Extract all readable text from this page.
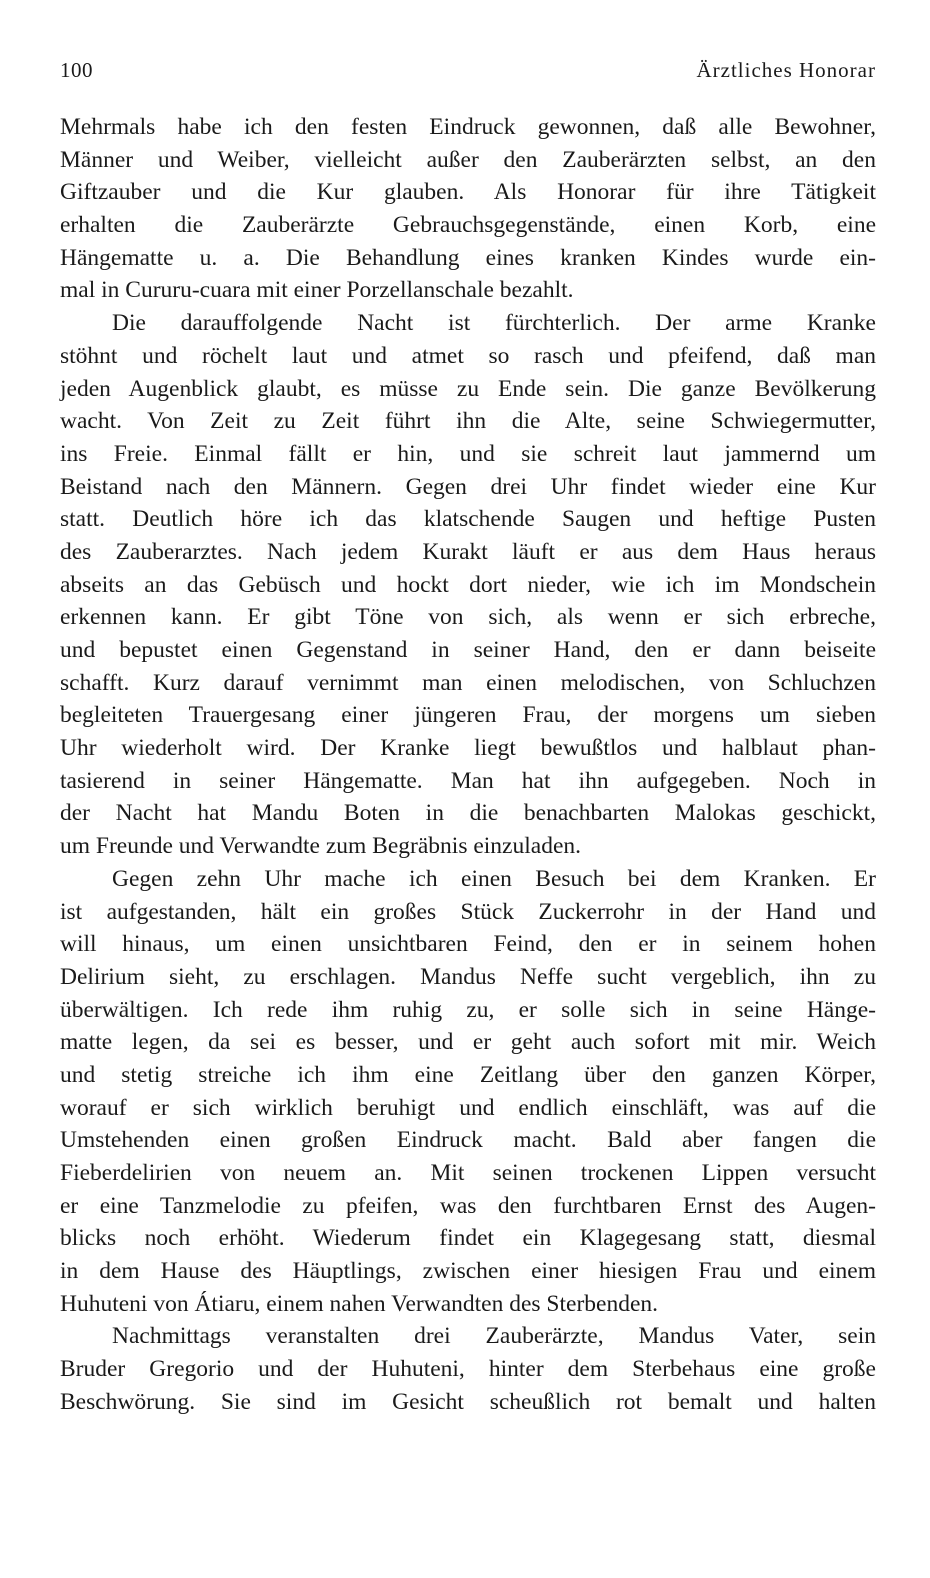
100	Ärztliches Honorar
Mehrmals habe ich den festen Eindruck gewonnen, daß alle Bewohner,
Männer und Weiber, vielleicht außer den Zauberärzten selbst, an den
Giftzauber und die Kur glauben. Als Honorar für ihre Tätigkeit
erhalten die Zauberärzte Gebrauchsgegenstände, einen Korb, eine
Hängematte u. a. Die Behandlung eines kranken Kindes wurde ein-
mal in Cururu-cuara mit einer Porzellanschale bezahlt.
Die darauffolgende Nacht ist fürchterlich. Der arme Kranke
stöhnt und röchelt laut und atmet so rasch und pfeifend, daß man
jeden Augenblick glaubt, es müsse zu Ende sein. Die ganze Bevölkerung
wacht. Von Zeit zu Zeit führt ihn die Alte, seine Schwiegermutter,
ins Freie. Einmal fällt er hin, und sie schreit laut jammernd um
Beistand nach den Männern. Gegen drei Uhr findet wieder eine Kur
statt. Deutlich höre ich das klatschende Saugen und heftige Pusten
des Zauberarztes. Nach jedem Kurakt läuft er aus dem Haus heraus
abseits an das Gebüsch und hockt dort nieder, wie ich im Mondschein
erkennen kann. Er gibt Töne von sich, als wenn er sich erbreche,
und bepustet einen Gegenstand in seiner Hand, den er dann beiseite
schafft. Kurz darauf vernimmt man einen melodischen, von Schluchzen
begleiteten Trauergesang einer jüngeren Frau, der morgens um sieben
Uhr wiederholt wird. Der Kranke liegt bewußtlos und halblaut phan-
tasierend in seiner Hängematte. Man hat ihn aufgegeben. Noch in
der Nacht hat Mandu Boten in die benachbarten Malokas geschickt,
um Freunde und Verwandte zum Begräbnis einzuladen.
Gegen zehn Uhr mache ich einen Besuch bei dem Kranken. Er
ist aufgestanden, hält ein großes Stück Zuckerrohr in der Hand und
will hinaus, um einen unsichtbaren Feind, den er in seinem hohen
Delirium sieht, zu erschlagen. Mandus Neffe sucht vergeblich, ihn zu
überwältigen. Ich rede ihm ruhig zu, er solle sich in seine Hänge-
matte legen, da sei es besser, und er geht auch sofort mit mir. Weich
und stetig streiche ich ihm eine Zeitlang über den ganzen Körper,
worauf er sich wirklich beruhigt und endlich einschläft, was auf die
Umstehenden einen großen Eindruck macht. Bald aber fangen die
Fieberdelirien von neuem an. Mit seinen trockenen Lippen versucht
er eine Tanzmelodie zu pfeifen, was den furchtbaren Ernst des Augen-
blicks noch erhöht. Wiederum findet ein Klagegesang statt, diesmal
in dem Hause des Häuptlings, zwischen einer hiesigen Frau und einem
Huhuteni von Átiaru, einem nahen Verwandten des Sterbenden.
Nachmittags veranstalten drei Zauberärzte, Mandus Vater, sein
Bruder Gregorio und der Huhuteni, hinter dem Sterbehaus eine große
Beschwörung. Sie sind im Gesicht scheußlich rot bemalt und halten
